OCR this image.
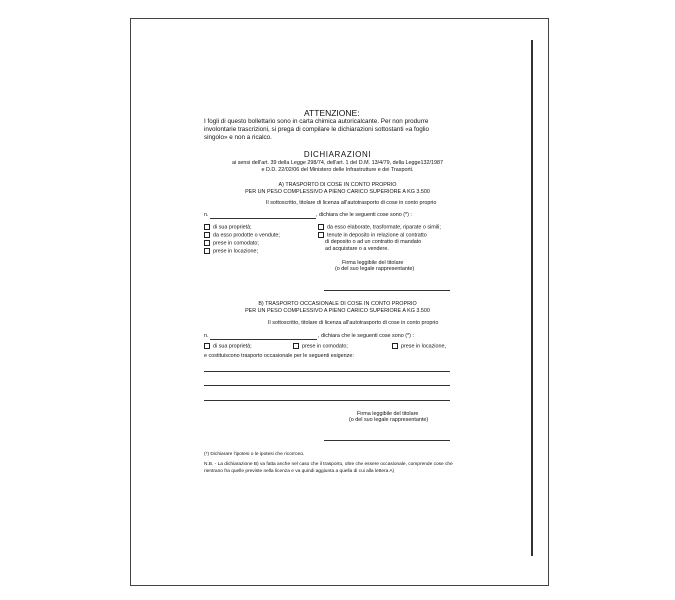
ATTENZIONE:
I fogli di questo bollettario sono in carta chimica autoricalcante. Per non produrre involontarie trascrizioni, si prega di compilare le dichiarazioni sottostanti «a foglio singolo» e non a ricalco.
DICHIARAZIONI
ai sensi dell'art. 39 della Legge 298/74, dell'art. 1 del D.M. 13/4/79, della Legge132/1987
e D.D. 22/02/06 del Ministero delle Infrastrutture e dei Trasporti.
A) TRASPORTO DI COSE IN CONTO PROPRIO
PER UN PESO COMPLESSIVO A PIENO CARICO SUPERIORE A KG 3.500
Il sottoscritto, titolare di licenza all'autotrasporto di cose in conto proprio
n.	, dichiara che le seguenti cose sono (*) :
di sua proprietà;
da esso prodotte o vendute;
prese in comodato;
prese in locazione;
da esso elaborate, trasformate, riparate o simili;
tenute in deposito in relazione al contratto
di deposito o ad un contratto di mandato
ad acquistare o a vendere.
Firma leggibile del titolare
(o del suo legale rappresentante)
B) TRASPORTO OCCASIONALE DI COSE IN CONTO PROPRIO
PER UN PESO COMPLESSIVO A PIENO CARICO SUPERIORE A KG 3.500
Il sottoscritto, titolare di licenza all'autotrasporto di cose in conto proprio
n.	, dichiara che le seguenti cose sono (*) :
di sua proprietà;	prese in comodato;	prese in locazione,
e costituiscono trasporto occasionale per le seguenti esigenze:
Firma leggibile del titolare
(o del suo legale rappresentante)
(*) Dichiarare l'ipotesi o le ipotesi che ricorrono.
N.B. - La dichiarazione B) va fatta anche nel caso che il trasporto, oltre che essere occasionale, comprende cose che rientrano fra quelle previste nella licenza e va quindi aggiunta a quella di cui alla lettera A)
